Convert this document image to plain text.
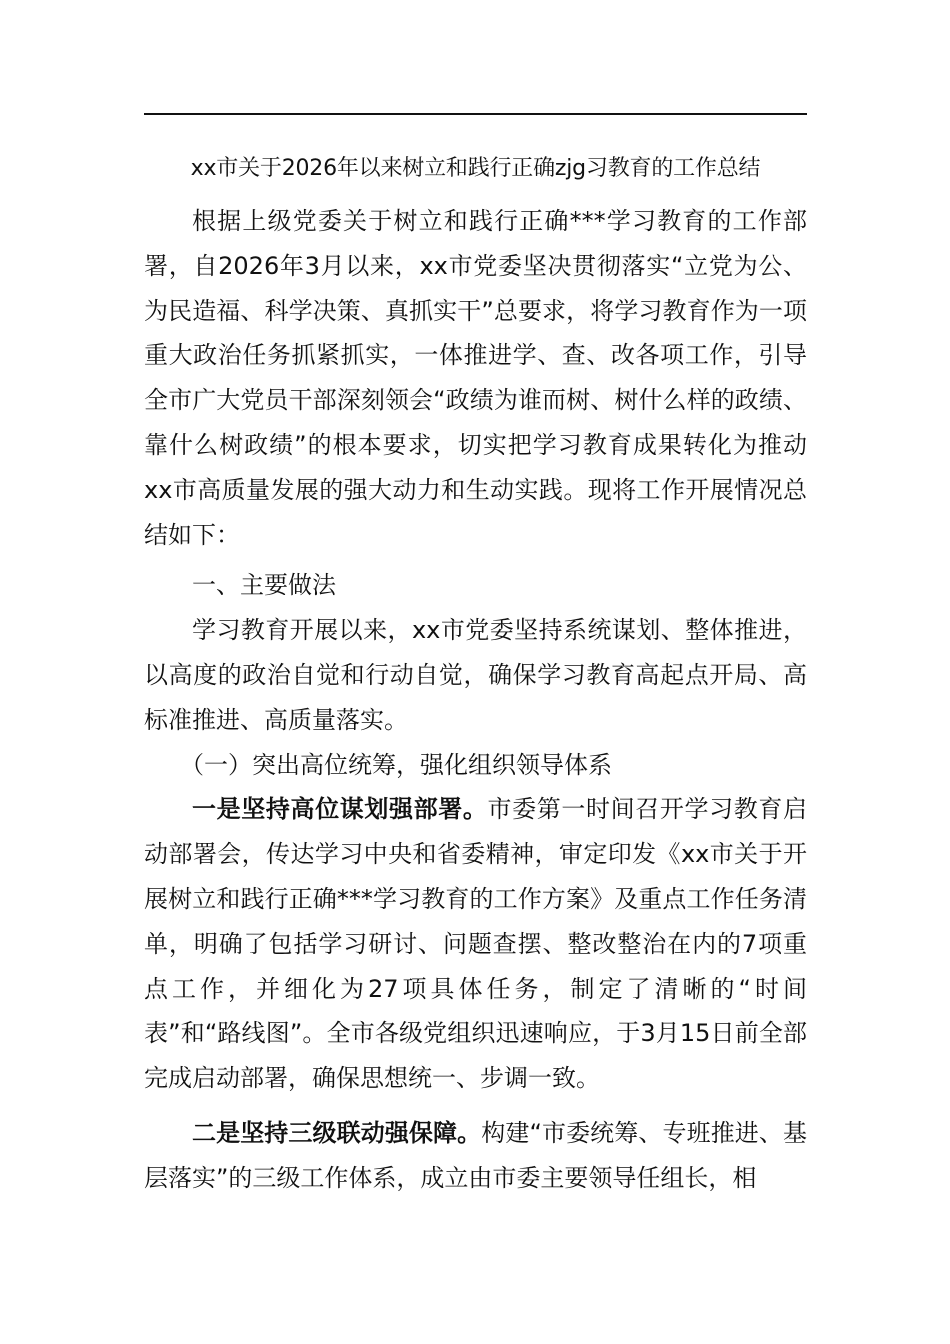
xx市关于2026年以来树立和践行正确zjg习教育的工作总结

根据上级党委关于树立和践行正确***学习教育的工作部署，自2026年3月以来，xx市党委坚决贯彻落实“立党为公、为民造福、科学决策、真抓实干”总要求，将学习教育作为一项重大政治任务抓紧抓实，一体推进学、查、改各项工作，引导全市广大党员干部深刻领会“政绩为谁而树、树什么样的政绩、靠什么树政绩”的根本要求，切实把学习教育成果转化为推动xx市高质量发展的强大动力和生动实践。现将工作开展情况总结如下：

一、主要做法

学习教育开展以来，xx市党委坚持系统谋划、整体推进，以高度的政治自觉和行动自觉，确保学习教育高起点开局、高标准推进、高质量落实。

（一）突出高位统筹，强化组织领导体系

一是坚持高位谋划强部署。市委第一时间召开学习教育启动部署会，传达学习中央和省委精神，审定印发《xx市关于开展树立和践行正确***学习教育的工作方案》及重点工作任务清单，明确了包括学习研讨、问题查摆、整改整治在内的7项重点工作，并细化为27项具体任务，制定了清晰的“时间表”和“路线图”。全市各级党组织迅速响应，于3月15日前全部完成启动部署，确保思想统一、步调一致。

二是坚持三级联动强保障。构建“市委统筹、专班推进、基层落实”的三级工作体系，成立由市委主要领导任组长，相
